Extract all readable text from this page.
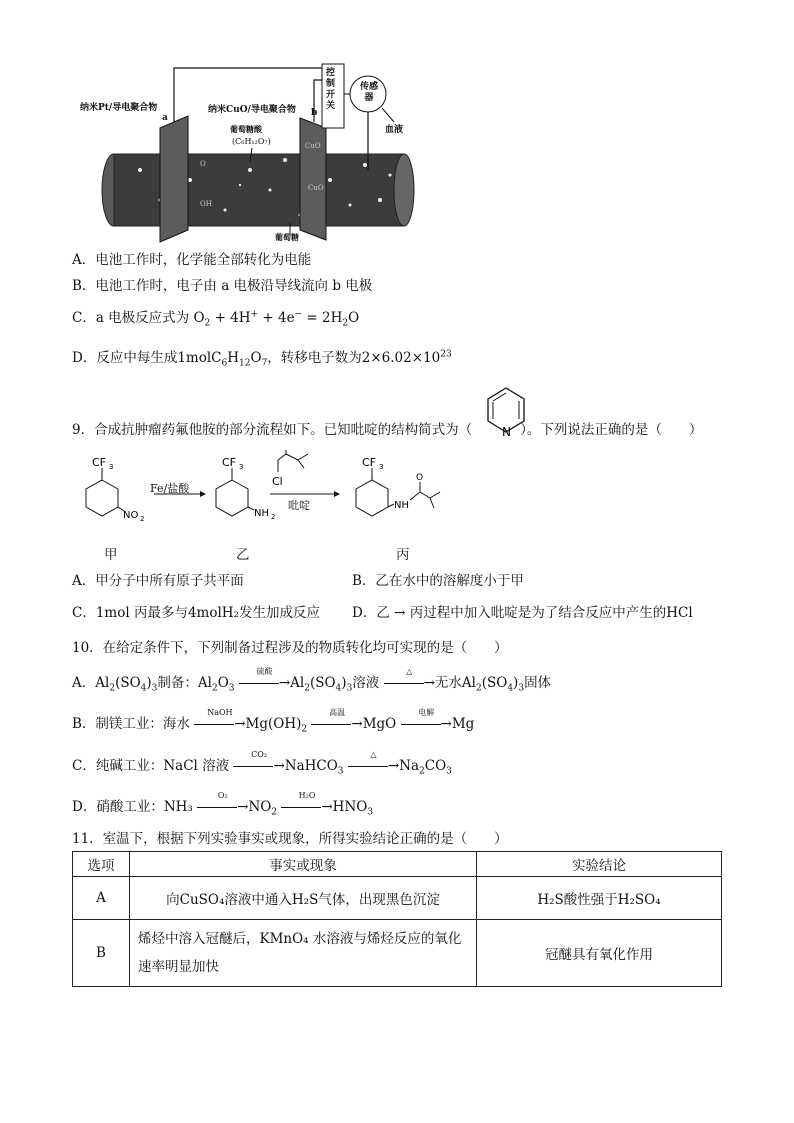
纳米Pt/导电聚合物
a
纳米CuO/导电聚合物 b
葡萄糖酸
(C₆H₁₂O₇)
控制开关
传感器
血液
葡萄糖
O
OH
CuO
CuO
A．电池工作时，化学能全部转化为电能
B．电池工作时，电子由 a 电极沿导线流向 b 电极
C．a 电极反应式为 $O_2 + 4H^+ + 4e^- = 2H_2O$
D．反应中每生成$1molC_6H_{12}O_7$，转移电子数为$2\times 6.02\times 10^{23}$
9．合成抗肿瘤药氟他胺的部分流程如下。已知吡啶的结构简式为（	）。下列说法正确的是（　　）
N
CF 3
NO 2
CF 3
NH 2
Cl
CF 3
NH
O
Fe/盐酸
吡啶
甲	乙	丙
A．甲分子中所有原子共平面	B．乙在水中的溶解度小于甲
C．1mol 丙最多与4molH₂发生加成反应 D．乙 → 丙过程中加入吡啶是为了结合反应中产生的HCl
10．在给定条件下，下列制备过程涉及的物质转化均可实现的是（　　）
A．$Al_2(SO_4)_3$制备：$Al_2O_3$
硫酸
$\to Al_2(SO_4)_3$溶液
△
→无水$Al_2(SO_4)_3$固体
B．制镁工业：海水
NaOH
$\to Mg(OH)_2$
高温
→MgO
电解
→Mg
C．纯碱工业：NaCl 溶液
CO₂
→NaHCO$_3$
△
$\to Na_2CO_3$
D．硝酸工业：NH₃
O₂
$\to NO_2$
H₂O
$\to HNO_3$
11．室温下，根据下列实验事实或现象，所得实验结论正确的是（　　）
选项	事实或现象	实验结论
A	向CuSO₄溶液中通入H₂S气体，出现黑色沉淀	H₂S酸性强于H₂SO₄
B	烯烃中溶入冠醚后，KMnO₄ 水溶液与烯烃反应的氧化速率明显加快	冠醚具有氧化作用
